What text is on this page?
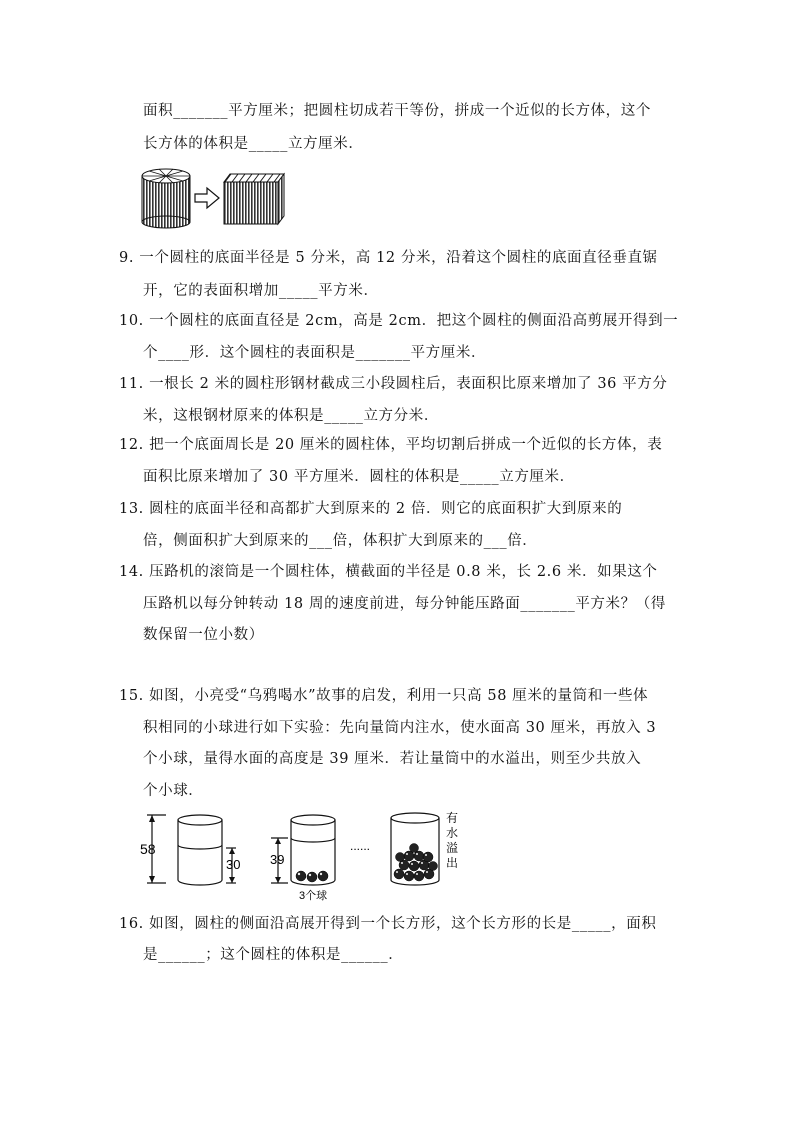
面积_______平方厘米；把圆柱切成若干等份，拼成一个近似的长方体，这个
长方体的体积是_____立方厘米．
9. 一个圆柱的底面半径是 5 分米，高 12 分米，沿着这个圆柱的底面直径垂直锯
开，它的表面积增加_____平方米．
10. 一个圆柱的底面直径是 2cm，高是 2cm．把这个圆柱的侧面沿高剪展开得到一
个____形．这个圆柱的表面积是_______平方厘米．
11. 一根长 2 米的圆柱形钢材截成三小段圆柱后，表面积比原来增加了 36 平方分
米，这根钢材原来的体积是_____立方分米．
12. 把一个底面周长是 20 厘米的圆柱体，平均切割后拼成一个近似的长方体，表
面积比原来增加了 30 平方厘米．圆柱的体积是_____立方厘米．
13. 圆柱的底面半径和高都扩大到原来的 2 倍．则它的底面积扩大到原来的
倍，侧面积扩大到原来的___倍，体积扩大到原来的___倍．
14. 压路机的滚筒是一个圆柱体，横截面的半径是 0.8 米，长 2.6 米．如果这个
压路机以每分钟转动 18 周的速度前进，每分钟能压路面_______平方米？（得
数保留一位小数）
15. 如图，小亮受“乌鸦喝水”故事的启发，利用一只高 58 厘米的量筒和一些体
积相同的小球进行如下实验：先向量筒内注水，使水面高 30 厘米，再放入 3
个小球，量得水面的高度是 39 厘米．若让量筒中的水溢出，则至少共放入
个小球．
58
30 39
3个球
......
有
水
溢
出
16. 如图，圆柱的侧面沿高展开得到一个长方形，这个长方形的长是_____，面积
是______；这个圆柱的体积是______．
